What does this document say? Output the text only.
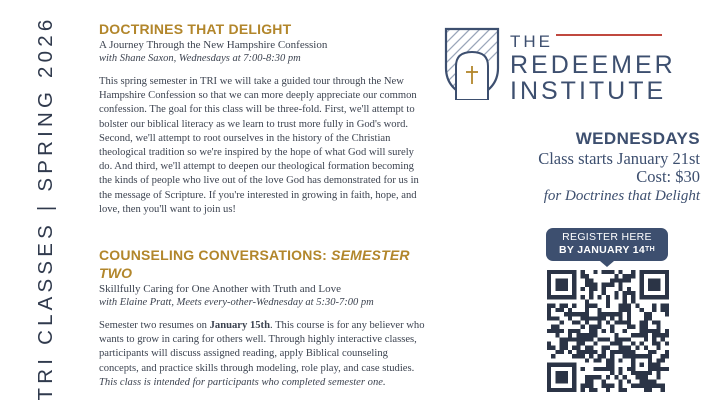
TRI CLASSES | SPRING 2026	DOCTRINES THAT DELIGHT

A Journey Through the New Hampshire Confession

with Shane Saxon, Wednesdays at 7:00-8:30 pm

This spring semester in TRI we will take a guided tour through the New Hampshire Confession so that we can more deeply appreciate our common confession. The goal for this class will be three-fold. First, we'll attempt to bolster our biblical literacy as we learn to trust more fully in God's word. Second, we'll attempt to root ourselves in the history of the Christian theological tradition so we're inspired by the hope of what God will surely do. And third, we'll attempt to deepen our theological formation becoming the kinds of people who live out of the love God has demonstrated for us in the message of Scripture. If you're interested in growing in faith, hope, and love, then you'll want to join us!

COUNSELING CONVERSATIONS: SEMESTER TWO

Skillfully Caring for One Another with Truth and Love

with Elaine Pratt, Meets every-other-Wednesday at 5:30-7:00 pm

Semester two resumes on January 15th. This course is for any believer who wants to grow in caring for others well. Through highly interactive classes, participants will discuss assigned reading, apply Biblical counseling concepts, and practice skills through modeling, role play, and case studies.

This class is intended for participants who completed semester one.

THE
REDEEMER
INSTITUTE

WEDNESDAYS

Class starts January 21st

Cost: $30

for Doctrines that Delight

REGISTER HERE
BY JANUARY 14TH
